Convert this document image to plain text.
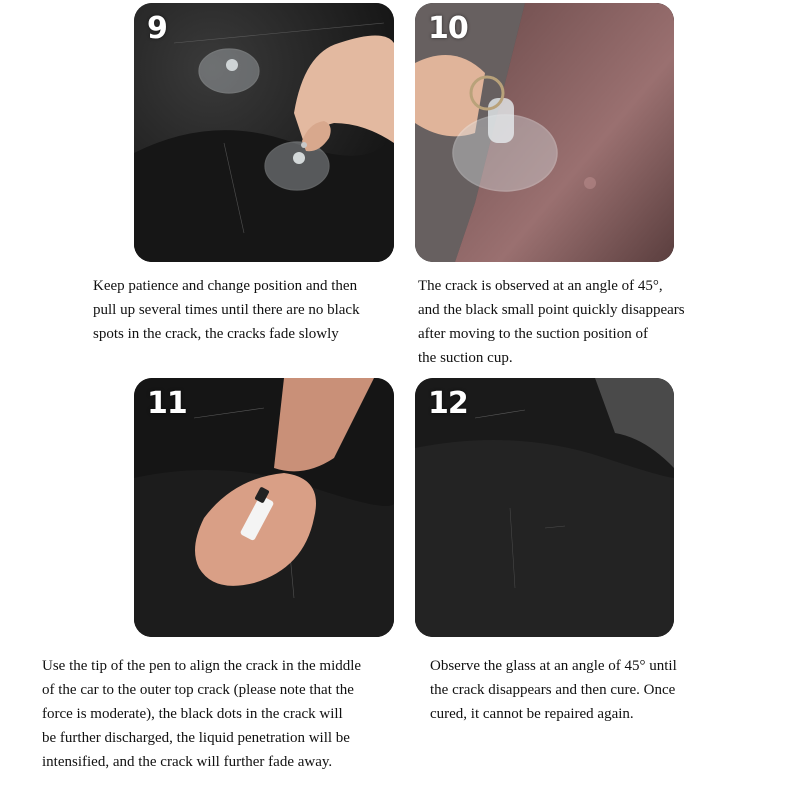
9	10
11	12

Keep patience and change position and then
pull up several times until there are no black
spots in the crack, the cracks fade slowly

The crack is observed at an angle of 45°,
and the black small point quickly disappears
after moving to the suction position of
the suction cup.

Use the tip of the pen to align the crack in the middle
of the car to the outer top crack (please note that the
force is moderate), the black dots in the crack will
be further discharged, the liquid penetration will be
intensified, and the crack will further fade away.

Observe the glass at an angle of 45° until
the crack disappears and then cure. Once
cured, it cannot be repaired again.
